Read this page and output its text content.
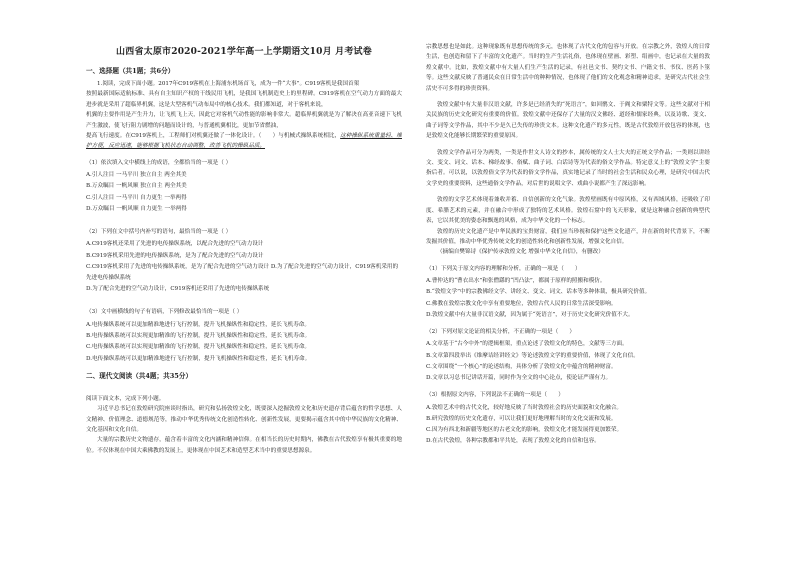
山西省太原市2020-2021学年高一上学期语文10月 月考试卷
一、选择题（共1题；共6分）

1.阅读，完成下面小题。2017年C919客机在上海浦东机场首飞，成为一件“大事”。C919客机是我国首架

按照最新国际适航标准、具有自主知识产权的干线民用飞机，是我国飞机制造史上的里程碑。C919客机在空气动力方面的最大进步就是采用了超临界机翼，这是大型客机气动布局中的核心技术。我们都知道，对于客机来说，

机翼的主要作用是产生升力，让飞机飞上天，因此它对客机气动性能的影响非常大。超临界机翼就是为了解决在高亚音速下飞机产生激波，使飞行阻力剧增的问题而设计的，与普通机翼相比，更加节省燃油，

提高飞行速度。在C919客机上，工程师们对机翼还做了一体化设计。（　　）与机械式操纵系统相比，这种操纵系统重量轻、维护方便，反应迅速，能够根据飞机状态自动调整，改善飞机的操纵品质。

（1）依次填入文中横线上的成语，全都恰当的一项是（ ）
A.引人注目 一马平川 独立自主 两全其美
B.万众瞩目 一帆风顺 独立自主 两全其美
C.引人注目 一马平川 自力更生 一举两得
D.万众瞩目 一帆风顺 自力更生 一举两得
（2）下列在文中括号内补写的语句，最恰当的一项是（ ）
A.C919客机还采用了先进的电传操纵系统，以配合先进的空气动力设计
B.C919客机采用先进的电传操纵系统，是为了配合先进的空气动力设计
C.C919客机采用了先进的电传操纵系统，是为了配合先进的空气动力设计 D.为了配合先进的空气动力设计，C919客机采用的先进电传操纵系统
D.为了配合先进的空气动力设计，C919客机还采用了先进的电传操纵系统
（3）文中画横线的句子有语病，下列修改最恰当的一项是（ ）
A.电传操纵系统可以更加精准地进行飞行控制，提升飞机操纵性和稳定性，延长飞机寿命。
B.电传操纵系统可以实现更加精准的飞行控制，提升飞机操纵性和稳定性，延长飞机寿命。
C.电传操纵系统可以实现更加精准的飞行控制，提升飞机操纵性和稳定性，延长飞机寿命。
D.电传操纵系统可以更加精准地进行飞行控制，提升飞机操纵性和稳定性，延长飞机寿命。
二、现代文阅读（共4题；共35分）

阅读下面文本，完成下列小题。

习近平总书记在敦煌研究院座谈时指出，研究和弘扬敦煌文化，既要深入挖掘敦煌文化和历史遗存背后蕴含的哲学思想、人文精神、价值理念、道德规范等，推动中华优秀传统文化创造性转化、创新性发展，更要揭示蕴含其中的中华民族的文化精神、文化基因和文化自信。

大量的宗教历史文物遗存，蕴含着丰富的文化内涵和精神信仰。在相当长的历史时期内，佛教在古代敦煌享有极其重要的地位。不仅体现在中国大乘佛教的发展上，更体现在中国艺术和造型艺术当中的重要思想源泉。

宗教思想也是如此。这种现象既有思想传统的多元，也体现了古代文化的包容与开放。在宗教之外，敦煌人的日常生活，也创造和留下了丰富的文化遗产。当时的生产生活礼俗，也体现在壁画、彩塑、绢画中，也记录在大量的敦煌文献中。比如，敦煌文献中有大量人们生产生活的记录，有社邑文书、契约文书、户籍文书、书仪、医药卜筮等。这些文献反映了普通民众在日常生活中的种种情况，也体现了他们的文化观念和精神追求，是研究古代社会生活史不可多得的珍贵资料。

敦煌文献中有大量非汉语文献，许多是已经消失的“死语言”，如回鹘文、于阗文和粟特文等。这些文献对于相关民族的历史文化研究有重要的价值。敦煌文献中还保存了大量的汉文佛经、道经和儒家经典，以及诗歌、变文、曲子词等文学作品，其中不少是久已失传的珍贵文本。这种文化遗产的多元性，既是古代敦煌开放包容的体现，也是敦煌文化能够长期繁荣的重要原因。

敦煌文学作品可分为两类，一类是作世文人诗文的抄本，属传统的文人士大夫的正统文学作品；一类则以讲经文、变文、词文、话本、梯经故事、俗赋、曲子词、白话诗等为代表的俗文学作品。特定意义上的“敦煌文学”主要指后者。可以说，以敦煌俗文学为代表的俗文学作品，真实地记录了当时的社会生活和民众心理，是研究中国古代文学史的重要资料，这些通俗文学作品，对后世的说唱文学、戏曲小说都产生了深远影响。

敦煌的文学艺术体现着兼收并蓄、自信创新的文化气象。敦煌壁画既有中原风格，又有西域风格，还吸收了印度、希腊艺术的元素，并在融合中形成了独特的艺术风格。敦煌石窟中的飞天形象，就是这种融合创新的典型代表，它以其优美的姿态和飘逸的风格，成为中华文化的一个标志。

敦煌的历史文化遗产是中华民族的宝贵财富，我们应当珍视和保护这些文化遗产，并在新的时代背景下，不断发掘其价值，推动中华优秀传统文化的创造性转化和创新性发展，增强文化自信。

（摘编自樊锦诗《保护传承敦煌文化 增强中华文化自信》，有删改）

（1）下列关于原文内容的理解和分析，正确的一项是（　　）
A.曹仲达的“曹衣出水”和张僧繇的“凹凸法”，都属于原样的照搬和模仿。
B.“敦煌文学”中的宗教佛经文学、讲经文、变文、词文、话本等多种体裁，极具研究价值。
C.佛教在敦煌宗教文化中享有重要地位，敦煌古代人民的日常生活深受影响。
D.敦煌文献中有大量非汉语文献，因为属于“死语言”，对于历史文化研究价值不大。
（2）下列对原文论证的相关分析，不正确的一项是（　　）
A.文章基于“古今中外”的逻辑框架，重点论述了敦煌文化的特色，文献等三方面。
B.文章第四段举出《维摩诘经讲经文》等论述敦煌文学的重要价值，体现了文化自信。
C.文章围绕“一个核心”的论述结构，具体分析了敦煌文化中蕴含的精神财富。
D.文章以习总书记讲话开篇，同时作为全文的中心论点，使论证严谨有力。
（3）根据原文内容，下列说法不正确的一项是（　　）
A.敦煌艺术中的古代文化，较好地反映了当时敦煌社会的历史面貌和文化融合。
B.研究敦煌的历史文化遗存，可以让我们更好地理解当时的文化交流和发展。
C.因为有西北和新疆等地区的古老文化的影响，敦煌文化才能发展得更加繁荣。
D.在古代敦煌，各种宗教都和平共处，表现了敦煌文化的自信和包容。
